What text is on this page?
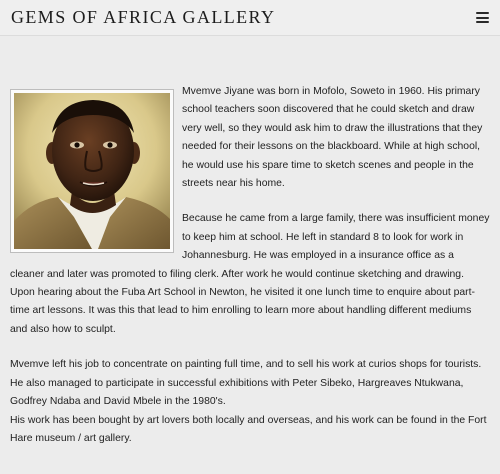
GEMS OF AFRICA GALLERY

Mvemve Jiyane was born in Mofolo, Soweto in 1960. His primary school teachers soon discovered that he could sketch and draw very well, so they would ask him to draw the illustrations that they needed for their lessons on the blackboard. While at high school, he would use his spare time to sketch scenes and people in the streets near his home.

Because he came from a large family, there was insufficient money to keep him at school. He left in standard 8 to look for work in Johannesburg. He was employed in a insurance office as a cleaner and later was promoted to filing clerk. After work he would continue sketching and drawing. Upon hearing about the Fuba Art School in Newton, he visited it one lunch time to enquire about part-time art lessons. It was this that lead to him enrolling to learn more about handling different mediums and also how to sculpt.

Mvemve left his job to concentrate on painting full time, and to sell his work at curios shops for tourists. He also managed to participate in successful exhibitions with Peter Sibeko, Hargreaves Ntukwana, Godfrey Ndaba and David Mbele in the 1980's.

His work has been bought by art lovers both locally and overseas, and his work can be found in the Fort Hare museum / art gallery.
